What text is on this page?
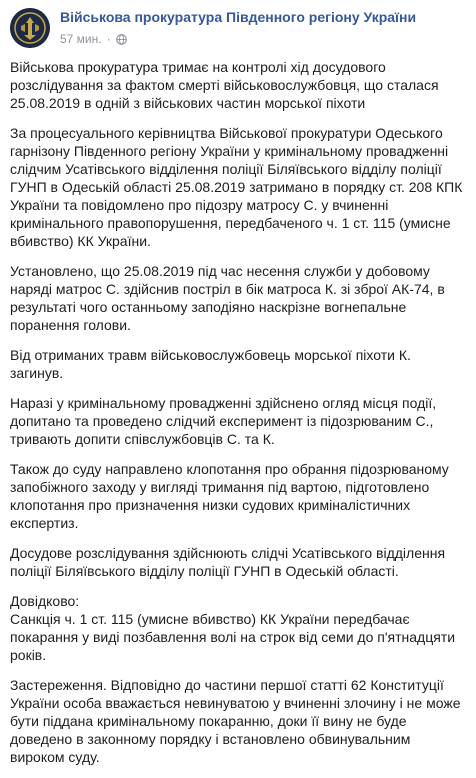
Військова прокуратура Південного регіону України
57 мин. ·

Військова прокуратура тримає на контролі хід досудового розслідування за фактом смерті військовослужбовця, що сталася 25.08.2019 в одній з військових частин морської піхоти

За процесуального керівництва Військової прокуратури Одеського гарнізону Південного регіону України у кримінальному провадженні слідчим Усатівського відділення поліції Біляївського відділу поліції ГУНП в Одеській області 25.08.2019 затримано в порядку ст. 208 КПК України та повідомлено про підозру матросу С. у вчиненні кримінального правопорушення, передбаченого ч. 1 ст. 115 (умисне вбивство) КК України.

Установлено, що 25.08.2019 під час несення служби у добовому наряді матрос С. здійснив постріл в бік матроса К. зі зброї АК-74, в результаті чого останньому заподіяно наскрізне вогнепальне поранення голови.

Від отриманих травм військовослужбовець морської піхоти К. загинув.

Наразі у кримінальному провадженні здійснено огляд місця події, допитано та проведено слідчий експеримент із підозрюваним С., тривають допити співслужбовців С. та К.

Також до суду направлено клопотання про обрання підозрюваному запобіжного заходу у вигляді тримання під вартою, підготовлено клопотання про призначення низки судових криміналістичних експертиз.

Досудове розслідування здійснюють слідчі Усатівського відділення поліції Біляївського відділу поліції ГУНП в Одеській області.

Довідково:

Санкція ч. 1 ст. 115 (умисне вбивство) КК України передбачає покарання у виді позбавлення волі на строк від семи до п'ятнадцяти років.

Застереження. Відповідно до частини першої статті 62 Конституції України особа вважається невинуватою у вчиненні злочину і не може бути піддана кримінальному покаранню, доки її вину не буде доведено в законному порядку і встановлено обвинувальним вироком суду.
